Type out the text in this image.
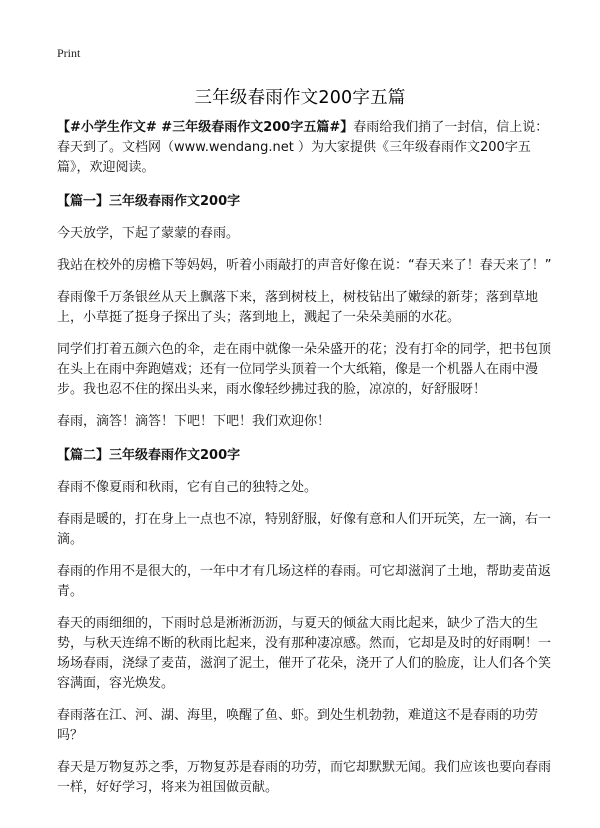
Print
三年级春雨作文200字五篇

【#小学生作文# #三年级春雨作文200字五篇#】春雨给我们捎了一封信，信上说：春天到了。文档网（www.wendang.net ）为大家提供《三年级春雨作文200字五篇》，欢迎阅读。

【篇一】三年级春雨作文200字

今天放学，下起了蒙蒙的春雨。

我站在校外的房檐下等妈妈，听着小雨敲打的声音好像在说：“春天来了！春天来了！”

春雨像千万条银丝从天上飘落下来，落到树枝上，树枝钻出了嫩绿的新芽；落到草地上，小草挺了挺身子探出了头；落到地上，溅起了一朵朵美丽的水花。

同学们打着五颜六色的伞，走在雨中就像一朵朵盛开的花；没有打伞的同学，把书包顶在头上在雨中奔跑嬉戏；还有一位同学头顶着一个大纸箱，像是一个机器人在雨中漫步。我也忍不住的探出头来，雨水像轻纱拂过我的脸，凉凉的，好舒服呀！

春雨，滴答！滴答！下吧！下吧！我们欢迎你！

【篇二】三年级春雨作文200字

春雨不像夏雨和秋雨，它有自己的独特之处。

春雨是暖的，打在身上一点也不凉，特别舒服，好像有意和人们开玩笑，左一滴，右一滴。

春雨的作用不是很大的，一年中才有几场这样的春雨。可它却滋润了土地，帮助麦苗返青。

春天的雨细细的，下雨时总是淅淅沥沥，与夏天的倾盆大雨比起来，缺少了浩大的生势，与秋天连绵不断的秋雨比起来，没有那种凄凉感。然而，它却是及时的好雨啊！一场场春雨，浇绿了麦苗，滋润了泥土，催开了花朵，浇开了人们的脸庞，让人们各个笑容满面，容光焕发。

春雨落在江、河、湖、海里，唤醒了鱼、虾。到处生机勃勃，难道这不是春雨的功劳吗？

春天是万物复苏之季，万物复苏是春雨的功劳，而它却默默无闻。我们应该也要向春雨一样，好好学习，将来为祖国做贡献。
